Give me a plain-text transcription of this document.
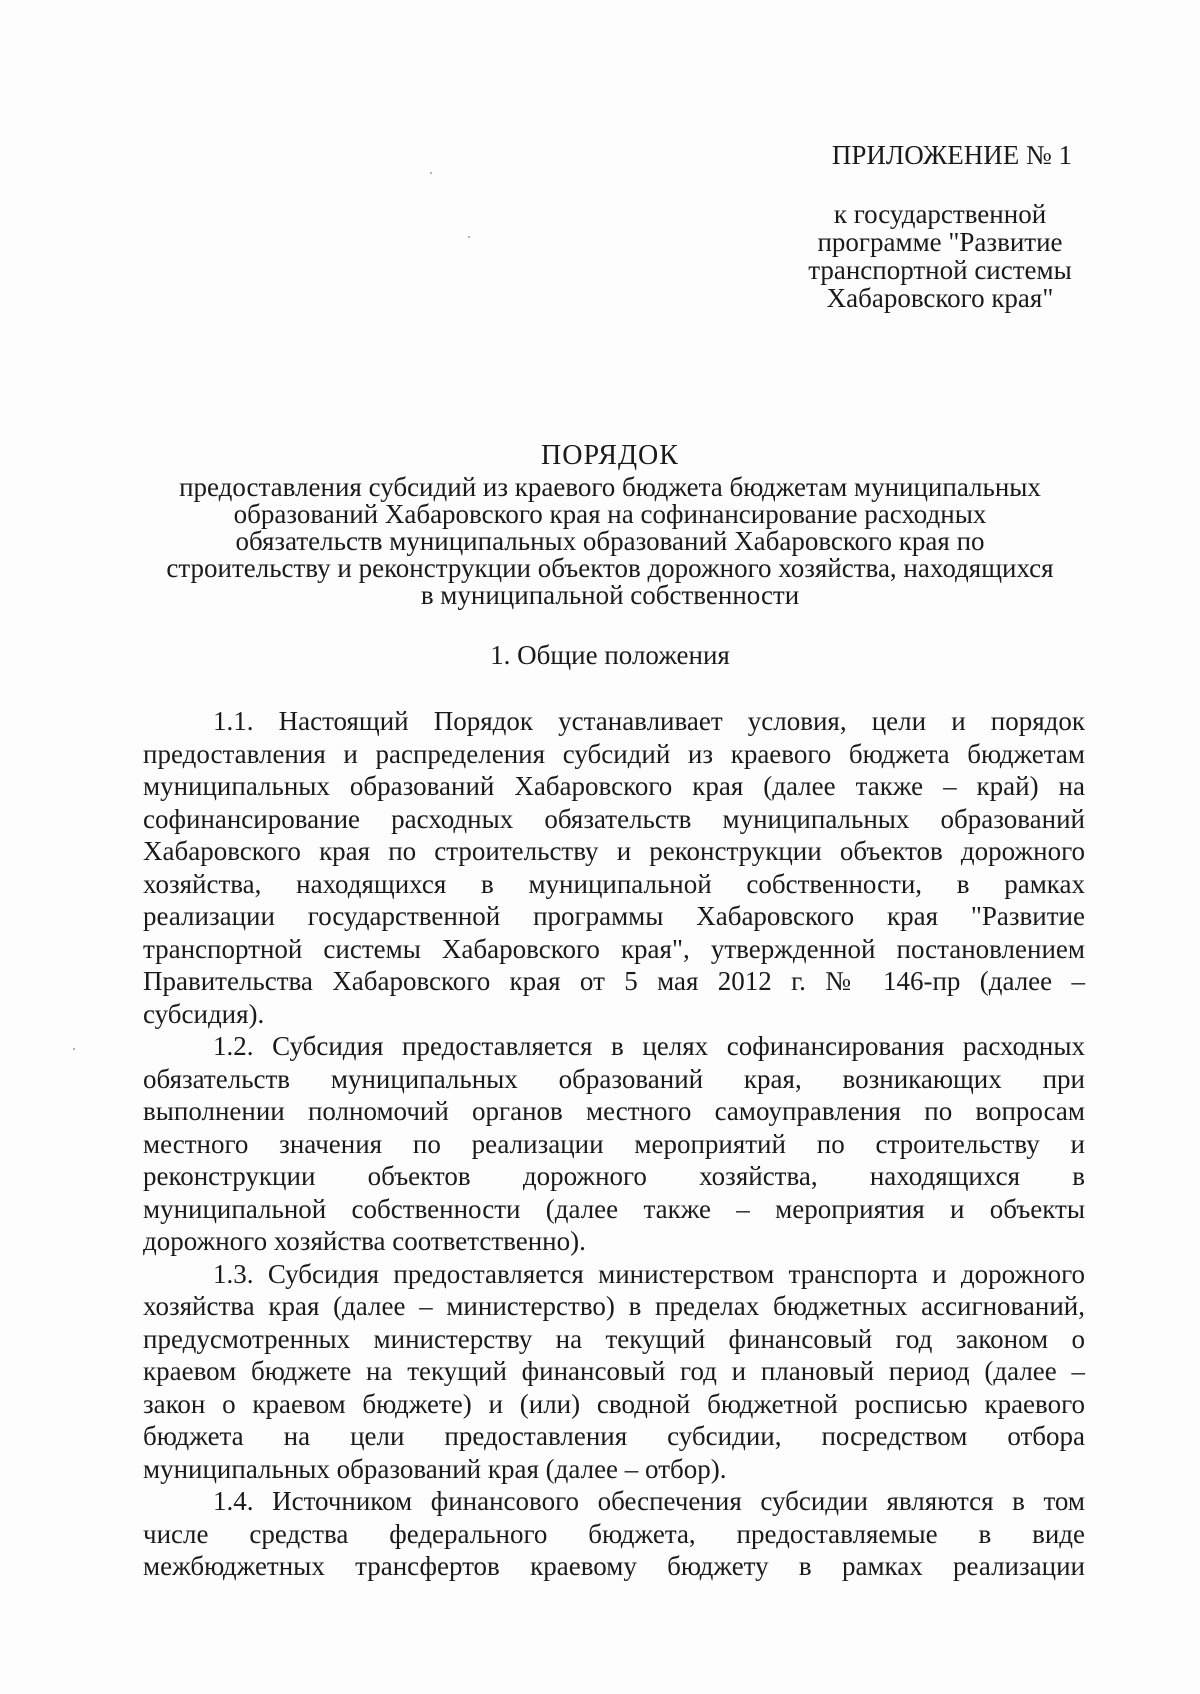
ПРИЛОЖЕНИЕ № 1
к государственной
программе "Развитие
транспортной системы
Хабаровского края"
ПОРЯДОК
предоставления субсидий из краевого бюджета бюджетам муниципальных
образований Хабаровского края на софинансирование расходных
обязательств муниципальных образований Хабаровского края по
строительству и реконструкции объектов дорожного хозяйства, находящихся
в муниципальной собственности
1. Общие положения
1.1. Настоящий Порядок устанавливает условия, цели и порядок
предоставления и распределения субсидий из краевого бюджета бюджетам
муниципальных образований Хабаровского края (далее также – край) на
софинансирование расходных обязательств муниципальных образований
Хабаровского края по строительству и реконструкции объектов дорожного
хозяйства, находящихся в муниципальной собственности, в рамках
реализации государственной программы Хабаровского края "Развитие
транспортной системы Хабаровского края", утвержденной постановлением
Правительства Хабаровского края от 5 мая 2012 г. № 146-пр (далее –
субсидия).
1.2. Субсидия предоставляется в целях софинансирования расходных
обязательств муниципальных образований края, возникающих при
выполнении полномочий органов местного самоуправления по вопросам
местного значения по реализации мероприятий по строительству и
реконструкции объектов дорожного хозяйства, находящихся в
муниципальной собственности (далее также – мероприятия и объекты
дорожного хозяйства соответственно).
1.3. Субсидия предоставляется министерством транспорта и дорожного
хозяйства края (далее – министерство) в пределах бюджетных ассигнований,
предусмотренных министерству на текущий финансовый год законом о
краевом бюджете на текущий финансовый год и плановый период (далее –
закон о краевом бюджете) и (или) сводной бюджетной росписью краевого
бюджета на цели предоставления субсидии, посредством отбора
муниципальных образований края (далее – отбор).
1.4. Источником финансового обеспечения субсидии являются в том
числе средства федерального бюджета, предоставляемые в виде
межбюджетных трансфертов краевому бюджету в рамках реализации
